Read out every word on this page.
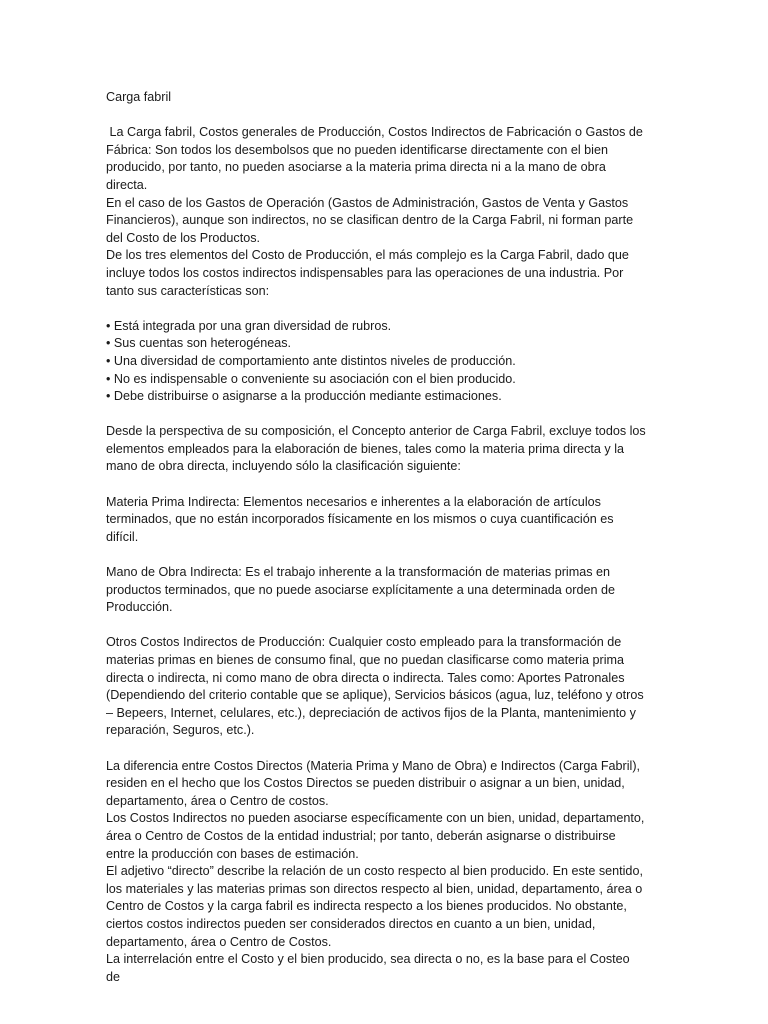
Carga fabril

La Carga fabril, Costos generales de Producción, Costos Indirectos de Fabricación o Gastos de Fábrica: Son todos los desembolsos que no pueden identificarse directamente con el bien producido, por tanto, no pueden asociarse a la materia prima directa ni a la mano de obra directa.

En el caso de los Gastos de Operación (Gastos de Administración, Gastos de Venta y Gastos Financieros), aunque son indirectos, no se clasifican dentro de la Carga Fabril, ni forman parte del Costo de los Productos.

De los tres elementos del Costo de Producción, el más complejo es la Carga Fabril, dado que incluye todos los costos indirectos indispensables para las operaciones de una industria. Por tanto sus características son:

• Está integrada por una gran diversidad de rubros.
• Sus cuentas son heterogéneas.
• Una diversidad de comportamiento ante distintos niveles de producción.
• No es indispensable o conveniente su asociación con el bien producido.
• Debe distribuirse o asignarse a la producción mediante estimaciones.

Desde la perspectiva de su composición, el Concepto anterior de Carga Fabril, excluye todos los elementos empleados para la elaboración de bienes, tales como la materia prima directa y la mano de obra directa, incluyendo sólo la clasificación siguiente:

Materia Prima Indirecta: Elementos necesarios e inherentes a la elaboración de artículos terminados, que no están incorporados físicamente en los mismos o cuya cuantificación es difícil.

Mano de Obra Indirecta: Es el trabajo inherente a la transformación de materias primas en productos terminados, que no puede asociarse explícitamente a una determinada orden de Producción.

Otros Costos Indirectos de Producción: Cualquier costo empleado para la transformación de materias primas en bienes de consumo final, que no puedan clasificarse como materia prima directa o indirecta, ni como mano de obra directa o indirecta. Tales como: Aportes Patronales (Dependiendo del criterio contable que se aplique), Servicios básicos (agua, luz, teléfono y otros – Bepeers, Internet, celulares, etc.), depreciación de activos fijos de la Planta, mantenimiento y reparación, Seguros, etc.).

La diferencia entre Costos Directos (Materia Prima y Mano de Obra) e Indirectos (Carga Fabril), residen en el hecho que los Costos Directos se pueden distribuir o asignar a un bien, unidad, departamento, área o Centro de costos.

Los Costos Indirectos no pueden asociarse específicamente con un bien, unidad, departamento, área o Centro de Costos de la entidad industrial; por tanto, deberán asignarse o distribuirse entre la producción con bases de estimación.

El adjetivo “directo” describe la relación de un costo respecto al bien producido. En este sentido, los materiales y las materias primas son directos respecto al bien, unidad, departamento, área o Centro de Costos y la carga fabril es indirecta respecto a los bienes producidos. No obstante, ciertos costos indirectos pueden ser considerados directos en cuanto a un bien, unidad, departamento, área o Centro de Costos.

La interrelación entre el Costo y el bien producido, sea directa o no, es la base para el Costeo de
